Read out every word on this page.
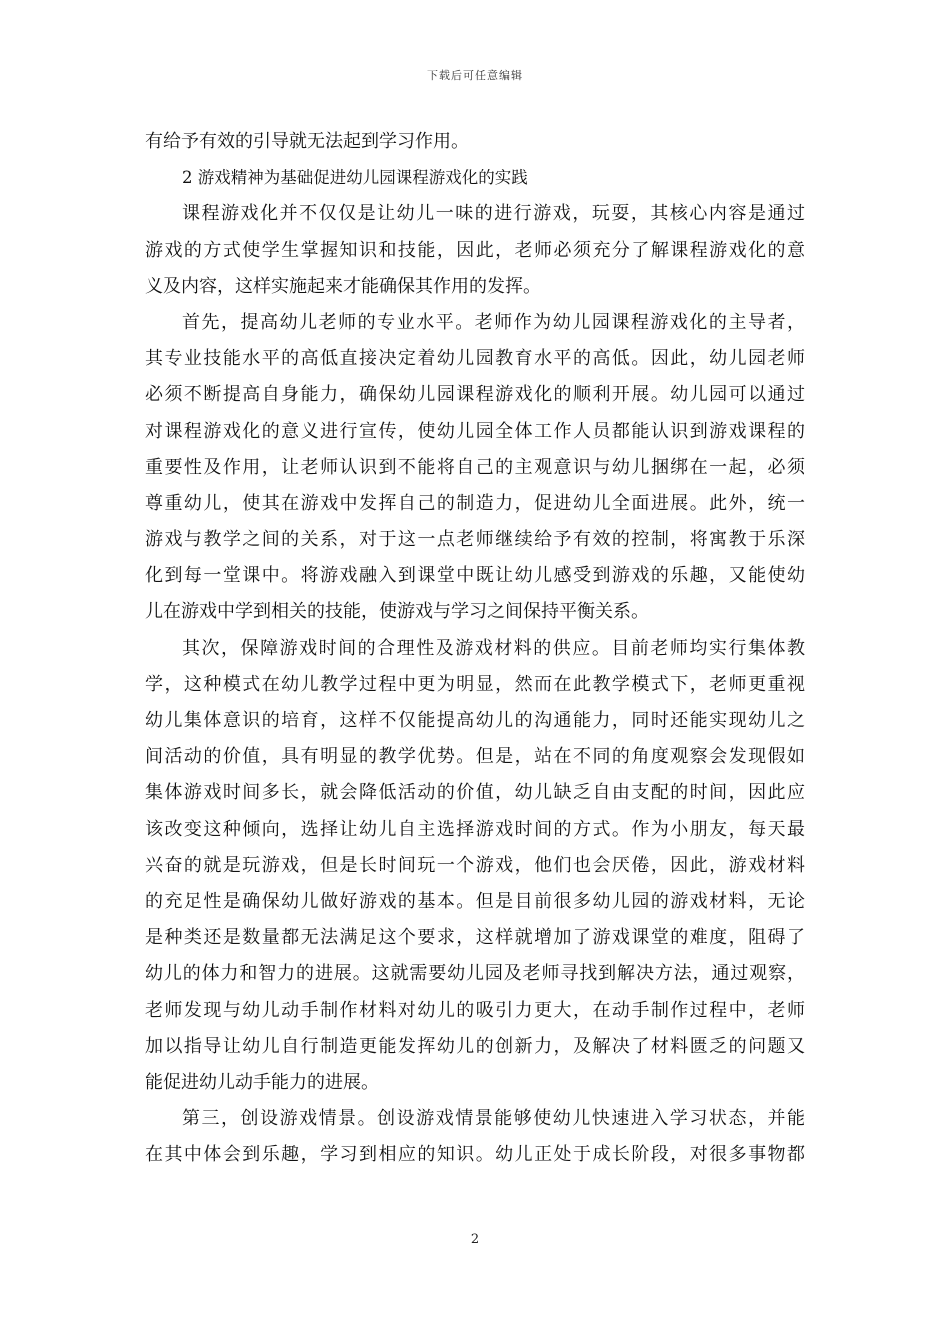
下载后可任意编辑
有给予有效的引导就无法起到学习作用。
2 游戏精神为基础促进幼儿园课程游戏化的实践
课程游戏化并不仅仅是让幼儿一味的进行游戏，玩耍，其核心内容是通过
游戏的方式使学生掌握知识和技能，因此，老师必须充分了解课程游戏化的意
义及内容，这样实施起来才能确保其作用的发挥。
首先，提高幼儿老师的专业水平。老师作为幼儿园课程游戏化的主导者，
其专业技能水平的高低直接决定着幼儿园教育水平的高低。因此，幼儿园老师
必须不断提高自身能力，确保幼儿园课程游戏化的顺利开展。幼儿园可以通过
对课程游戏化的意义进行宣传，使幼儿园全体工作人员都能认识到游戏课程的
重要性及作用，让老师认识到不能将自己的主观意识与幼儿捆绑在一起，必须
尊重幼儿，使其在游戏中发挥自己的制造力，促进幼儿全面进展。此外，统一
游戏与教学之间的关系，对于这一点老师继续给予有效的控制，将寓教于乐深
化到每一堂课中。将游戏融入到课堂中既让幼儿感受到游戏的乐趣，又能使幼
儿在游戏中学到相关的技能，使游戏与学习之间保持平衡关系。
其次，保障游戏时间的合理性及游戏材料的供应。目前老师均实行集体教
学，这种模式在幼儿教学过程中更为明显，然而在此教学模式下，老师更重视
幼儿集体意识的培育，这样不仅能提高幼儿的沟通能力，同时还能实现幼儿之
间活动的价值，具有明显的教学优势。但是，站在不同的角度观察会发现假如
集体游戏时间多长，就会降低活动的价值，幼儿缺乏自由支配的时间，因此应
该改变这种倾向，选择让幼儿自主选择游戏时间的方式。作为小朋友，每天最
兴奋的就是玩游戏，但是长时间玩一个游戏，他们也会厌倦，因此，游戏材料
的充足性是确保幼儿做好游戏的基本。但是目前很多幼儿园的游戏材料，无论
是种类还是数量都无法满足这个要求，这样就增加了游戏课堂的难度，阻碍了
幼儿的体力和智力的进展。这就需要幼儿园及老师寻找到解决方法，通过观察，
老师发现与幼儿动手制作材料对幼儿的吸引力更大，在动手制作过程中，老师
加以指导让幼儿自行制造更能发挥幼儿的创新力，及解决了材料匮乏的问题又
能促进幼儿动手能力的进展。
第三，创设游戏情景。创设游戏情景能够使幼儿快速进入学习状态，并能
在其中体会到乐趣，学习到相应的知识。幼儿正处于成长阶段，对很多事物都
2
